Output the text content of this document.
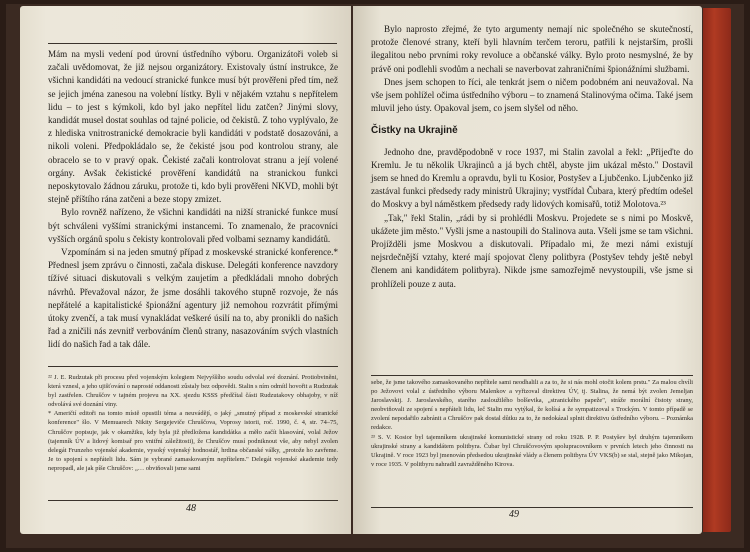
Mám na mysli vedení pod úrovní ústředního výboru. Organizátoři voleb si začali uvědomovat, že již nejsou organizátory. Existovaly ústní instrukce, že všichni kandidáti na vedoucí stranické funkce musí být prověřeni před tím, než se jejich jména zanesou na volební lístky. Byli v nějakém vztahu s nepřítelem lidu – to jest s kýmkoli, kdo byl jako nepřítel lidu zatčen? Jinými slovy, kandidát musel dostat souhlas od tajné policie, od čekistů. Z toho vyplývalo, že z hlediska vnitrostranické demokracie byli kandidáti v podstatě dosazováni, a nikoli voleni. Předpokládalo se, že čekisté jsou pod kontrolou strany, ale obracelo se to v pravý opak. Čekisté začali kontrolovat stranu a její volené orgány. Avšak čekistické prověření kandidátů na stranickou funkci neposkytovalo žádnou záruku, protože ti, kdo byli prověřeni NKVD, mohli být stejně příštího rána zatčeni a beze stopy zmizet.

Bylo rovněž nařízeno, že všichni kandidáti na nižší stranické funkce musí být schváleni vyššími stranickými instancemi. To znamenalo, že pracovníci vyšších orgánů spolu s čekisty kontrolovali před volbami seznamy kandidátů.

Vzpomínám si na jeden smutný případ z moskevské stranické konference.* Přednesl jsem zprávu o činnosti, začala diskuse. Delegáti konference navzdory tížívé situaci diskutovali s velkým zaujetím a předkládali mnoho dobrých návrhů. Převažoval názor, že jsme dosáhli takového stupně rozvoje, že nás nepřátelé a kapitalistické špionážní agentury již nemohou rozvrátit přímými útoky zvenčí, a tak musí vynakládat veškeré úsilí na to, aby pronikli do našich řad a zničili nás zevnitř verbováním členů strany, nasazováním svých vlastních lidí do našich řad a tak dále.

²² J. E. Rudzutak při procesu před vojenským kolegiem Nejvyššího soudu odvolal své doznání. Protiobviněni, která vznesl, a jeho ujišťování o naprosté oddanosti zůstaly bez odpovědi. Stalin s ním odmítl hovořit a Rudzutak byl zastřelen. Chruščov v tajném projevu na XX. sjezdu KSSS předčítal části Rudzutakovy obhajoby, v níž odvolává své doznání viny.

* Američtí editoři na tomto místě opustili téma a neuvádějí, o jaký „smutný případ z moskevské stranické konference" šlo. V Memuarech Nikity Sergejeviče Chruščova, Voprosy istorii, roč. 1990, č. 4, str. 74–75, Chruščov popisuje, jak v okamžiku, kdy byla již předložena kandidátka a měło začít hlasování, volal Ježov (tajemník ÚV a lidový komisař pro vnitřní záležitosti), že Chruščov musí podniknout vše, aby nebyl zvolen delegát Frunzeho vojenské akademie, vysoký vojenský hodnostář, hrdina občanské války, „protože ho zavřeme. Je to spojení s nepřáteli lidu. Sám je vybrané zamaskovaným nepřítelem." Delegát vojenské akademie tedy nepropadl, ale jak píše Chruščov: „… obviňovali jsme sami

48

Bylo naprosto zřejmé, že tyto argumenty nemají nic společného se skutečností, protože členové strany, kteří byli hlavním terčem teroru, patřili k nejstarším, prošli ilegalitou nebo prvními roky revoluce a občanské války. Bylo proto nesmyslné, že by právě oni podlehli svodům a nechali se naverbovat zahraničními špionážními službami.

Dnes jsem schopen to říci, ale tenkrát jsem o ničem podobném ani neuvažoval. Na vše jsem pohlížel očima ústředního výboru – to znamená Stalinovýma očima. Také jsem mluvil jeho ústy. Opakoval jsem, co jsem slyšel od něho.

Čistky na Ukrajině

Jednoho dne, pravděpodobně v roce 1937, mi Stalin zavolal a řekl: „Přijeďte do Kremlu. Je tu několik Ukrajinců a já bych chtěl, abyste jim ukázal město." Dostavil jsem se hned do Kremlu a opravdu, byli tu Kosior, Postyšev a Ljubčenko. Ljubčenko již zastával funkci předsedy rady ministrů Ukrajiny; vystřídal Čubara, který předtím odešel do Moskvy a byl náměstkem předsedy rady lidových komisařů, totiž Molotova.²³

„Tak," řekl Stalin, „rádi by si prohlédli Moskvu. Projedete se s nimi po Moskvě, ukážete jim město." Vyšli jsme a nastoupili do Stalinova auta. Všeli jsme se tam všichni. Projížděli jsme Moskvou a diskutovali. Případalo mi, že mezi námi existují nejsrdečnější vztahy, které mají spojovat členy politbyra (Postyšev tehdy ještě nebyl členem ani kandidátem politbyra). Nikde jsme samozřejmě nevystoupili, vše jsme si prohlíželi pouze z auta.

sebe, že jsme takového zamaskovaného nepřítele sami neodhalili a za to, že si nás mohl otočit kolem prstu." Za malou chvíli po Ježovovi volal z ústředního výboru Malenkov a vyřizoval direktivu ÚV, tj. Stalina, že nemá být zvolen Jemeljan Jaroslavskij. J. Jaroslavského, starého zasloužilého bolševika, „stranického papeže", stráže morální čistoty strany, neobviňovali ze spojení s nepřáteli lidu, leč Stalin mu vytýkal, že kolísá a že sympatizoval s Trockým. V tomto případě se zvolení nepodařilo zabránit a Chruščov pak dostal důtku za to, že nedokázal splnit direktivu ústředního výboru. – Poznámka redakce.

²³ S. V. Kosior byl tajemníkem ukrajinské komunistické strany od roku 1928. P. P. Postyšev byl druhým tajemníkem ukrajinské strany a kandidátem politbyra. Čubar byl Chruščovovým spolupracovníkem v prvních letech jeho činnosti na Ukrajině. V roce 1923 byl jmenován předsedou ukrajinské vlády a členem politbyra ÚV VKS(b) se stal, stejně jako Mikojan, v roce 1935. V politbyru nahradil zavražděného Kirova.

49
